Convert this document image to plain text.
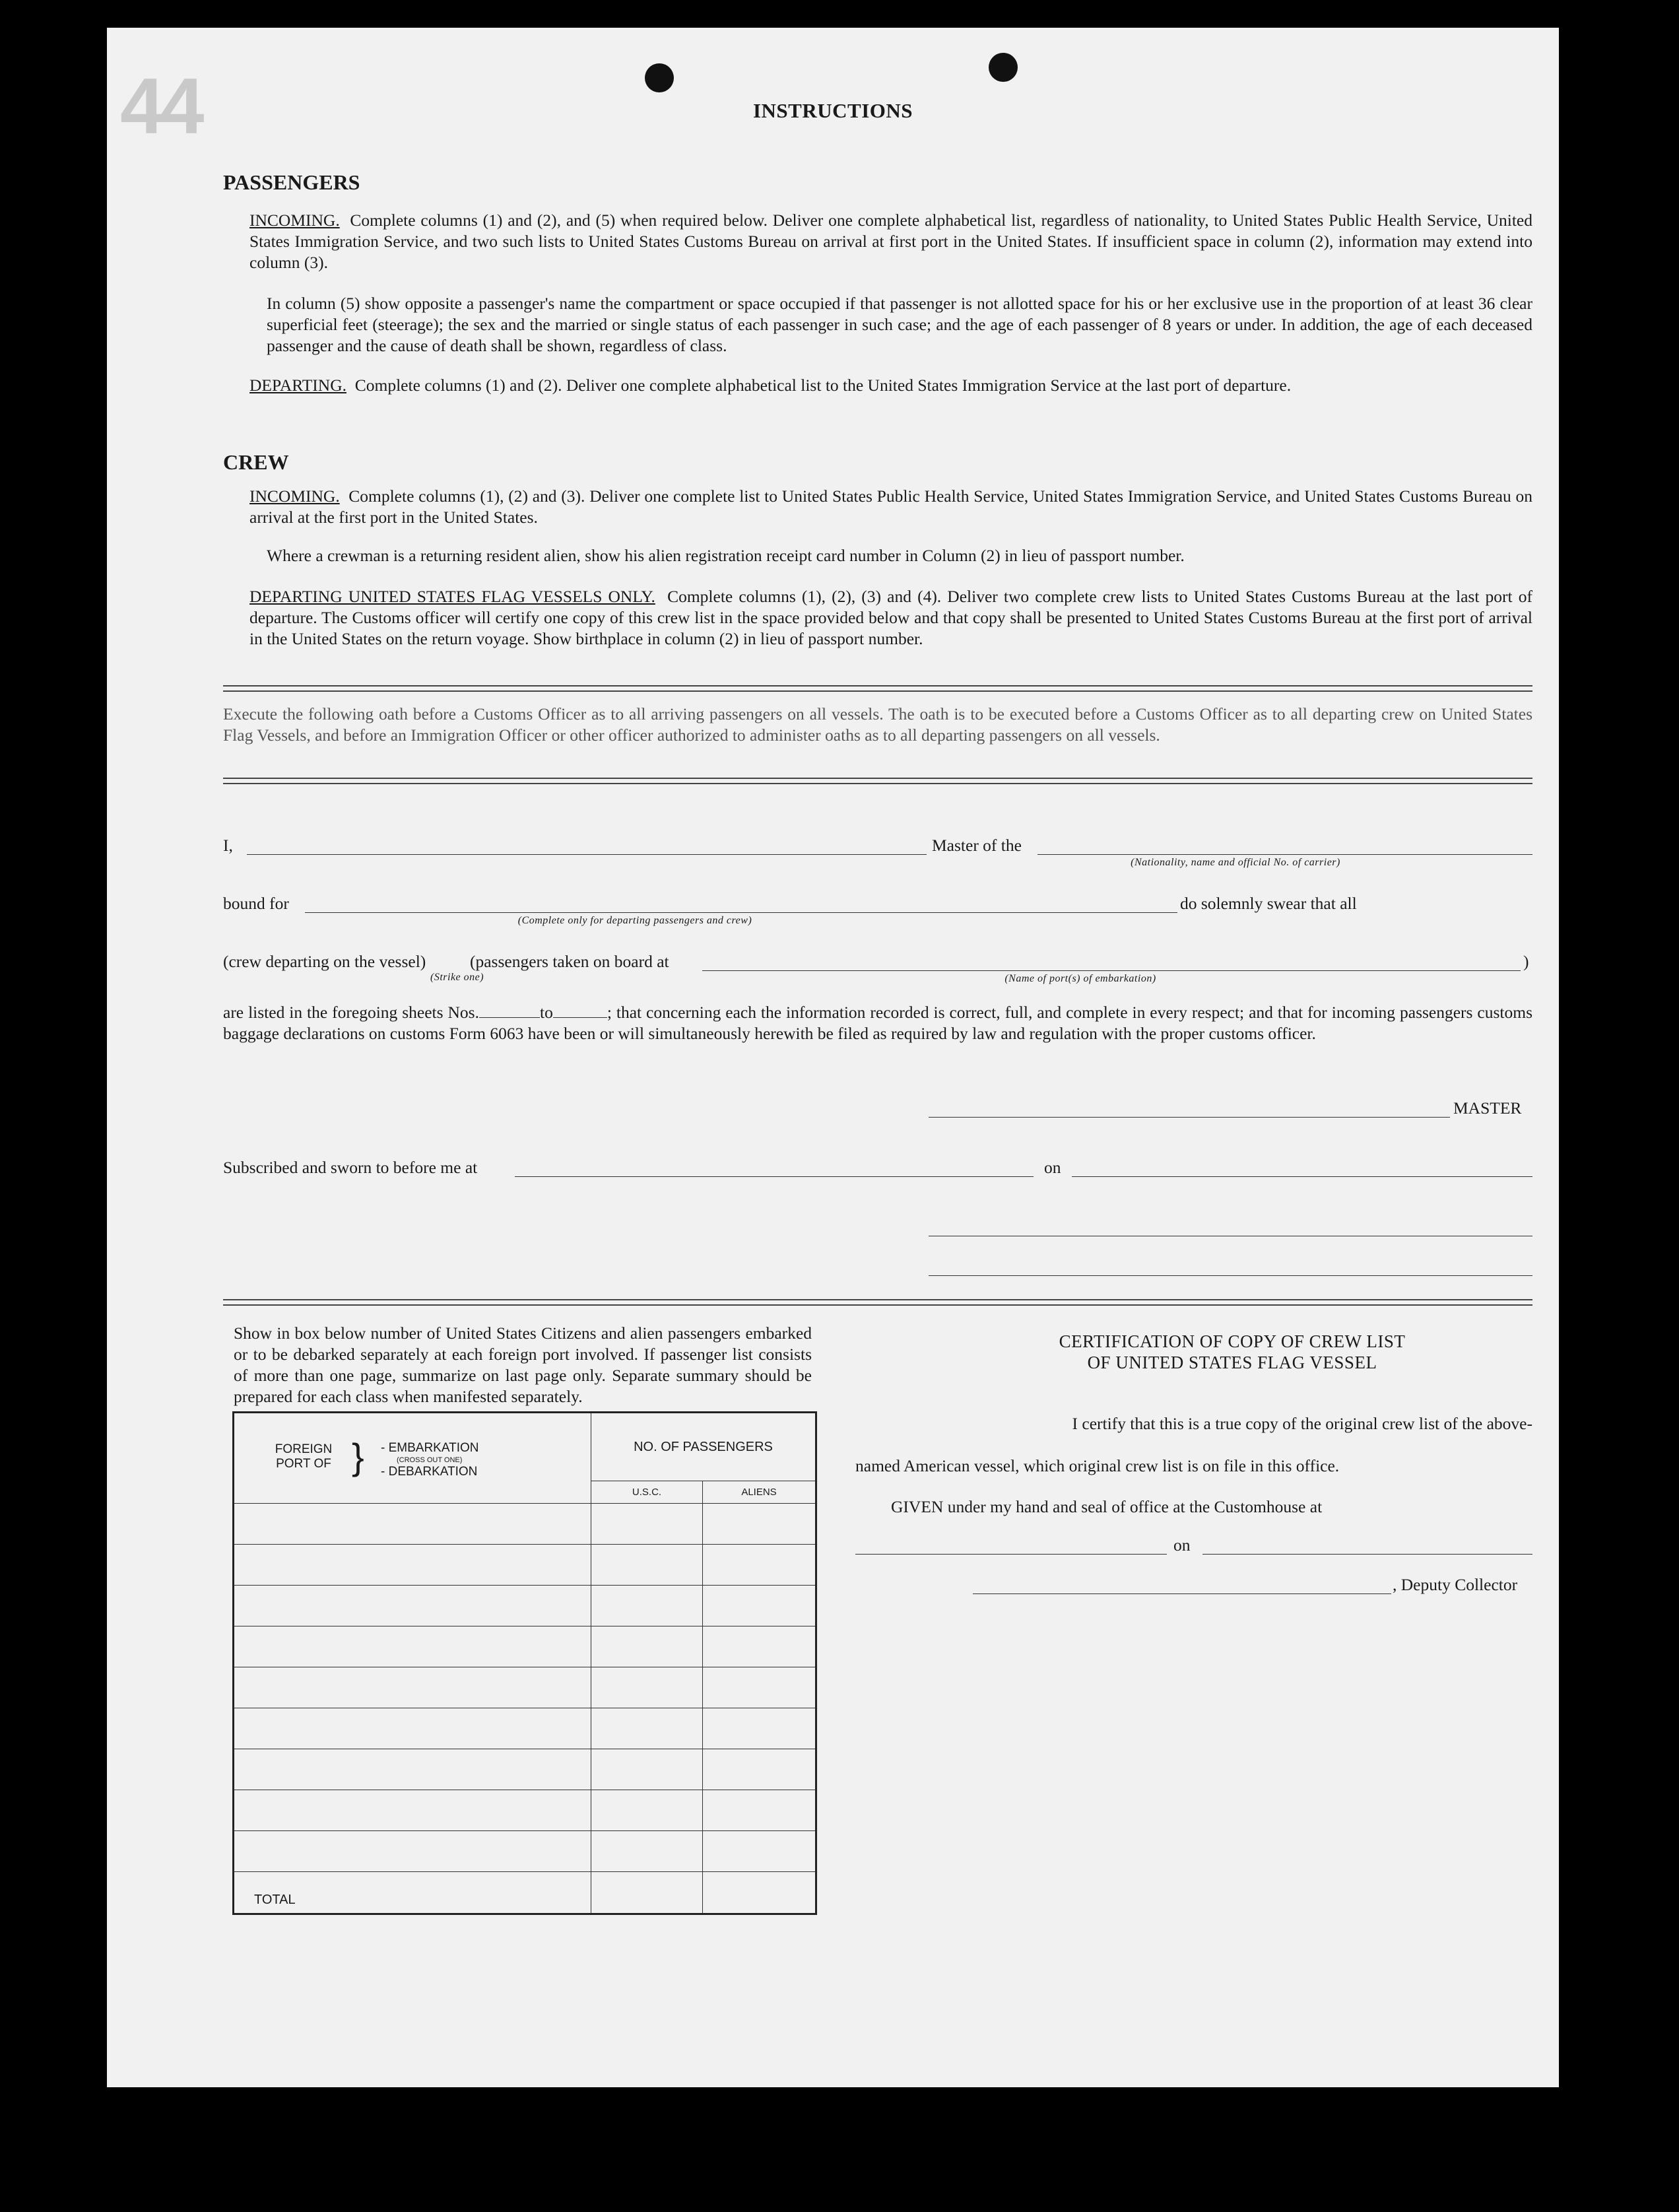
44	INSTRUCTIONS
PASSENGERS
INCOMING. Complete columns (1) and (2), and (5) when required below. Deliver one complete alphabetical list, regardless of nationality, to United States Public Health Service, United States Immigration Service, and two such lists to United States Customs Bureau on arrival at first port in the United States. If insufficient space in column (2), information may extend into column (3).
In column (5) show opposite a passenger's name the compartment or space occupied if that passenger is not allotted space for his or her exclusive use in the proportion of at least 36 clear superficial feet (steerage); the sex and the married or single status of each passenger in such case; and the age of each passenger of 8 years or under. In addition, the age of each deceased passenger and the cause of death shall be shown, regardless of class.
DEPARTING. Complete columns (1) and (2). Deliver one complete alphabetical list to the United States Immigration Service at the last port of departure.
CREW
INCOMING. Complete columns (1), (2) and (3). Deliver one complete list to United States Public Health Service, United States Immigration Service, and United States Customs Bureau on arrival at the first port in the United States.
Where a crewman is a returning resident alien, show his alien registration receipt card number in Column (2) in lieu of passport number.
DEPARTING UNITED STATES FLAG VESSELS ONLY. Complete columns (1), (2), (3) and (4). Deliver two complete crew lists to United States Customs Bureau at the last port of departure. The Customs officer will certify one copy of this crew list in the space provided below and that copy shall be presented to United States Customs Bureau at the first port of arrival in the United States on the return voyage. Show birthplace in column (2) in lieu of passport number.
Execute the following oath before a Customs Officer as to all arriving passengers on all vessels. The oath is to be executed before a Customs Officer as to all departing crew on United States Flag Vessels, and before an Immigration Officer or other officer authorized to administer oaths as to all departing passengers on all vessels.
I,	Master of the
(Nationality, name and official No. of carrier)
bound for
(Complete only for departing passengers and crew)
do solemnly swear that all
(crew departing on the vessel)
(Strike one)
(passengers taken on board at
(Name of port(s) of embarkation)
)
are listed in the foregoing sheets Nos.	to	; that concerning each the information recorded is correct, full, and complete in every respect; and that for incoming passengers customs baggage declarations on customs Form 6063 have been or will simultaneously herewith be filed as required by law and regulation with the proper customs officer.
MASTER
Subscribed and sworn to before me at	on
Show in box below number of United States Citizens and alien passengers embarked or to be debarked separately at each foreign port involved. If passenger list consists of more than one page, summarize on last page only. Separate summary should be prepared for each class when manifested separately.
FOREIGN PORT OF } - EMBARKATION
(CROSS OUT ONE)
- DEBARKATION	NO. OF PASSENGERS	
	U.S.C.	ALIENS

TOTAL		
CERTIFICATION OF COPY OF CREW LIST
OF UNITED STATES FLAG VESSEL
I certify that this is a true copy of the original crew list of the above-
named American vessel, which original crew list is on file in this office.
GIVEN under my hand and seal of office at the Customhouse at
on
, Deputy Collector
